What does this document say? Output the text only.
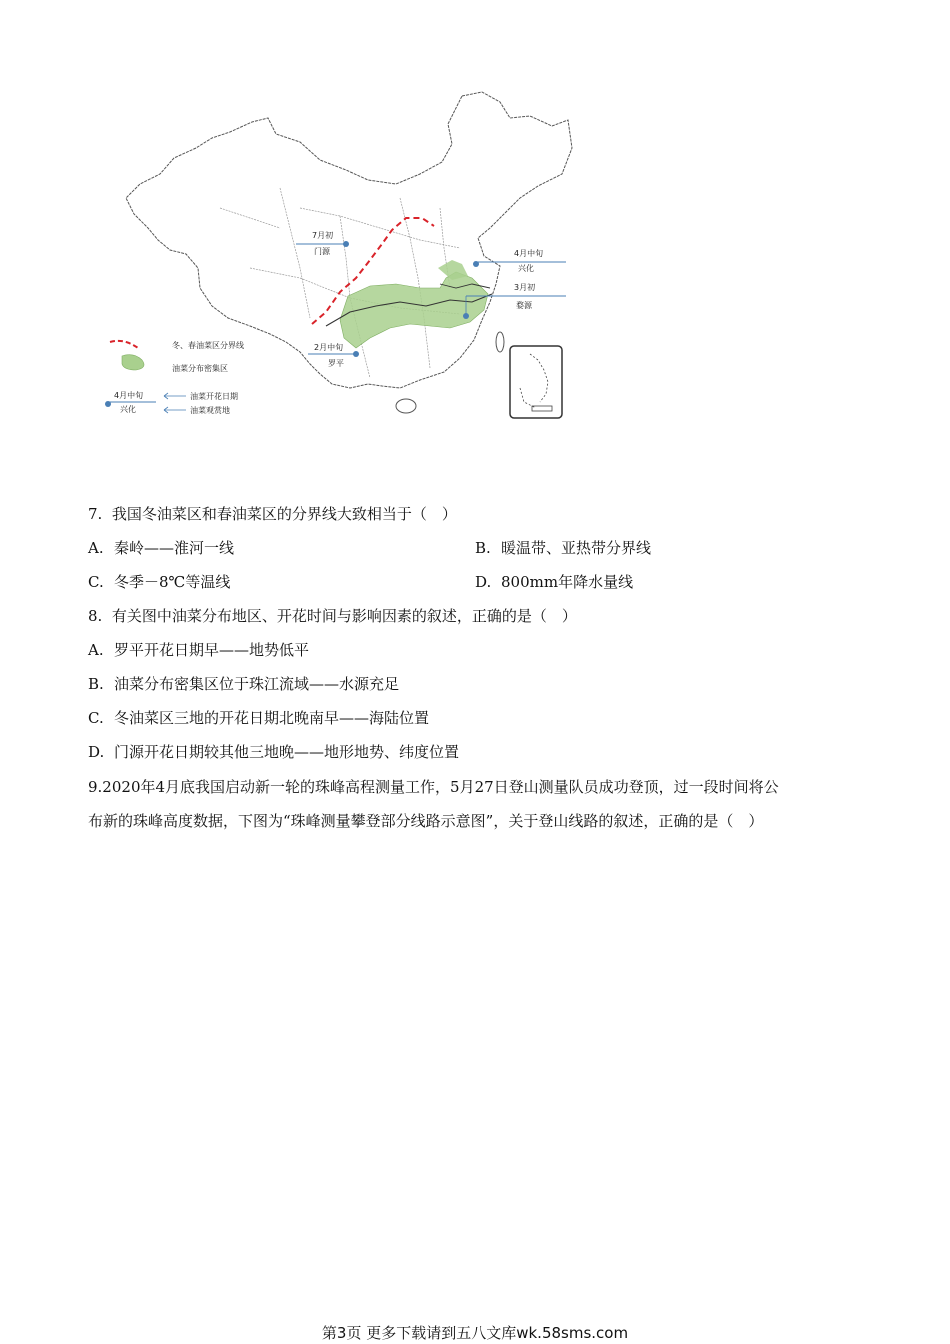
7月初
门源	4月中旬
兴化
3月初
婺源
2月中旬
罗平
冬、春油菜区分界线
油菜分布密集区
4月中旬
兴化
油菜开花日期
油菜观赏地
7. 我国冬油菜区和春油菜区的分界线大致相当于（　）
A. 秦岭——淮河一线	B. 暖温带、亚热带分界线
C. 冬季－8℃等温线	D. 800mm年降水量线
8. 有关图中油菜分布地区、开花时间与影响因素的叙述，正确的是（　）
A. 罗平开花日期早——地势低平
B. 油菜分布密集区位于珠江流域——水源充足
C. 冬油菜区三地的开花日期北晚南早——海陆位置
D. 门源开花日期较其他三地晚——地形地势、纬度位置
9.2020年4月底我国启动新一轮的珠峰高程测量工作，5月27日登山测量队员成功登顶，过一段时间将公
布新的珠峰高度数据，下图为“珠峰测量攀登部分线路示意图”，关于登山线路的叙述，正确的是（　）
第3页 更多下载请到五八文库wk.58sms.com
